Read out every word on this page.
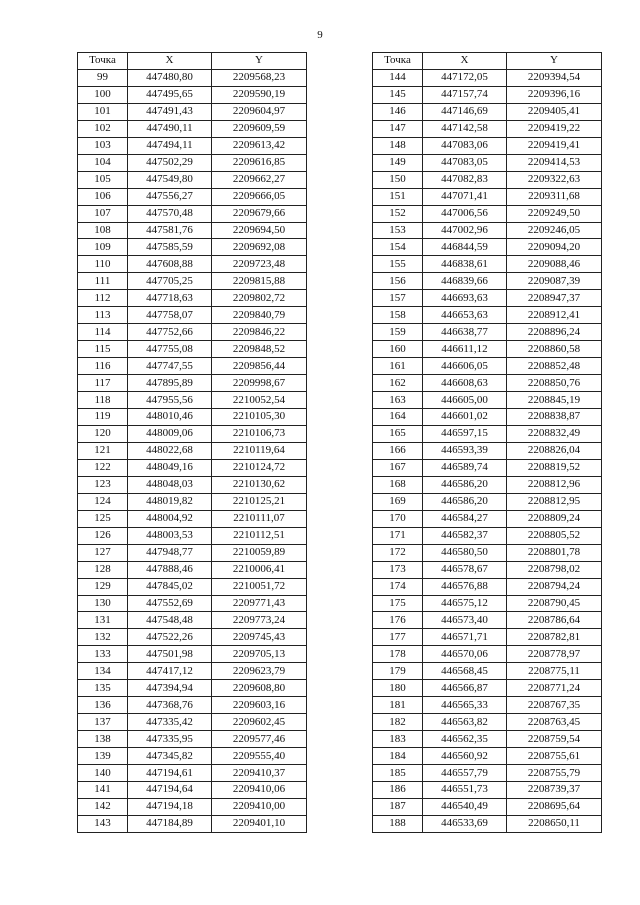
9
Точка	X	Y
99	447480,80	2209568,23
100	447495,65	2209590,19
101	447491,43	2209604,97
102	447490,11	2209609,59
103	447494,11	2209613,42
104	447502,29	2209616,85
105	447549,80	2209662,27
106	447556,27	2209666,05
107	447570,48	2209679,66
108	447581,76	2209694,50
109	447585,59	2209692,08
110	447608,88	2209723,48
111	447705,25	2209815,88
112	447718,63	2209802,72
113	447758,07	2209840,79
114	447752,66	2209846,22
115	447755,08	2209848,52
116	447747,55	2209856,44
117	447895,89	2209998,67
118	447955,56	2210052,54
119	448010,46	2210105,30
120	448009,06	2210106,73
121	448022,68	2210119,64
122	448049,16	2210124,72
123	448048,03	2210130,62
124	448019,82	2210125,21
125	448004,92	2210111,07
126	448003,53	2210112,51
127	447948,77	2210059,89
128	447888,46	2210006,41
129	447845,02	2210051,72
130	447552,69	2209771,43
131	447548,48	2209773,24
132	447522,26	2209745,43
133	447501,98	2209705,13
134	447417,12	2209623,79
135	447394,94	2209608,80
136	447368,76	2209603,16
137	447335,42	2209602,45
138	447335,95	2209577,46
139	447345,82	2209555,40
140	447194,61	2209410,37
141	447194,64	2209410,06
142	447194,18	2209410,00
143	447184,89	2209401,10
Точка	X	Y
144	447172,05	2209394,54
145	447157,74	2209396,16
146	447146,69	2209405,41
147	447142,58	2209419,22
148	447083,06	2209419,41
149	447083,05	2209414,53
150	447082,83	2209322,63
151	447071,41	2209311,68
152	447006,56	2209249,50
153	447002,96	2209246,05
154	446844,59	2209094,20
155	446838,61	2209088,46
156	446839,66	2209087,39
157	446693,63	2208947,37
158	446653,63	2208912,41
159	446638,77	2208896,24
160	446611,12	2208860,58
161	446606,05	2208852,48
162	446608,63	2208850,76
163	446605,00	2208845,19
164	446601,02	2208838,87
165	446597,15	2208832,49
166	446593,39	2208826,04
167	446589,74	2208819,52
168	446586,20	2208812,96
169	446586,20	2208812,95
170	446584,27	2208809,24
171	446582,37	2208805,52
172	446580,50	2208801,78
173	446578,67	2208798,02
174	446576,88	2208794,24
175	446575,12	2208790,45
176	446573,40	2208786,64
177	446571,71	2208782,81
178	446570,06	2208778,97
179	446568,45	2208775,11
180	446566,87	2208771,24
181	446565,33	2208767,35
182	446563,82	2208763,45
183	446562,35	2208759,54
184	446560,92	2208755,61
185	446557,79	2208755,79
186	446551,73	2208739,37
187	446540,49	2208695,64
188	446533,69	2208650,11
